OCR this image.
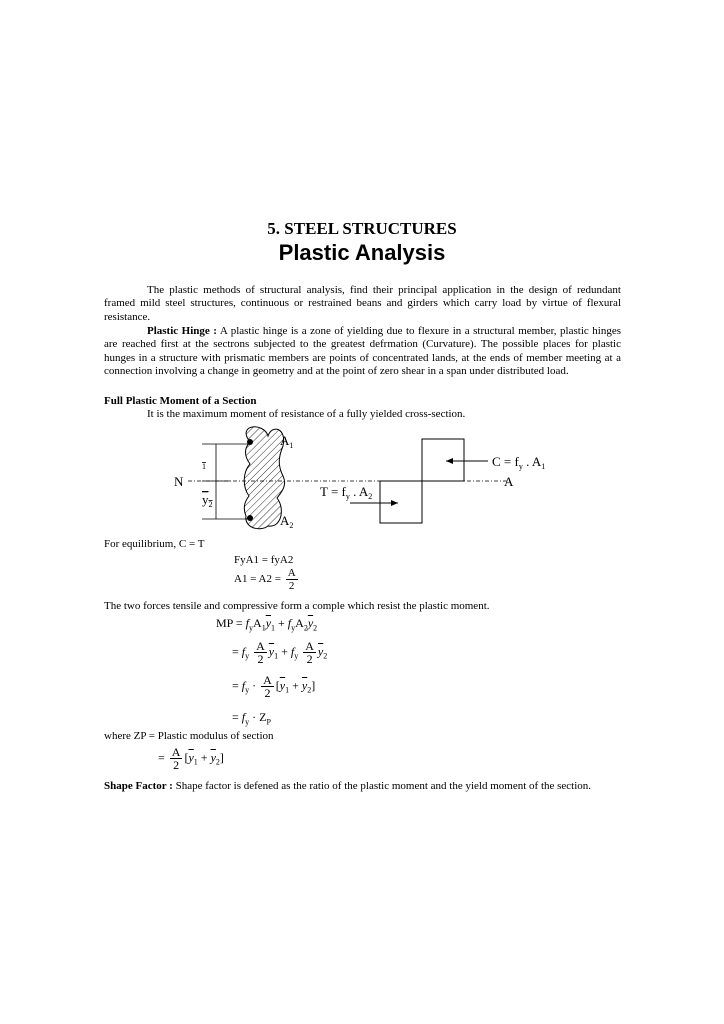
5. STEEL STRUCTURES
Plastic Analysis
The plastic methods of structural analysis, find their principal application in the design of redundant framed mild steel structures, continuous or restrained beans and girders which carry load by virtue of flexural resistance.
Plastic Hinge : A plastic hinge is a zone of yielding due to flexure in a structural member, plastic hinges are reached first at the sectrons subjected to the greatest defrmation (Curvature). The possible places for plastic hunges in a structure with prismatic members are points of concentrated lands, at the ends of member meeting at a connection involving a change in geometry and at the point of zero shear in a span under distributed load.
Full Plastic Moment of a Section
It is the maximum moment of resistance of a fully yielded cross-section.
$A_1$
$A_2$
$_1$
$y_2$
N	A
$C = f_y$ . $A_1$
$T = f_y$ . $A_2$
For equilibrium, C = T
FyA1 = fyA2
$A1 = A2 = \frac{A}{2}$
The two forces tensile and compressive form a comple which resist the plastic moment.
MP = $f_yA_1\overline{y}_1 + f_yA_2\overline{y}_2$
= $f_y \frac{A}{2} \overline{y}_1 + f_y \frac{A}{2} \overline{y}_2$
= $f_y \cdot \frac{A}{2} [\overline{y}_1 + \overline{y}_2]$
= $f_y \cdot Z_P$
where ZP = Plastic modulus of section
= $\frac{A}{2} [\overline{y}_1 + \overline{y}_2]$
Shape Factor : Shape factor is defened as the ratio of the plastic moment and the yield moment of the section.
